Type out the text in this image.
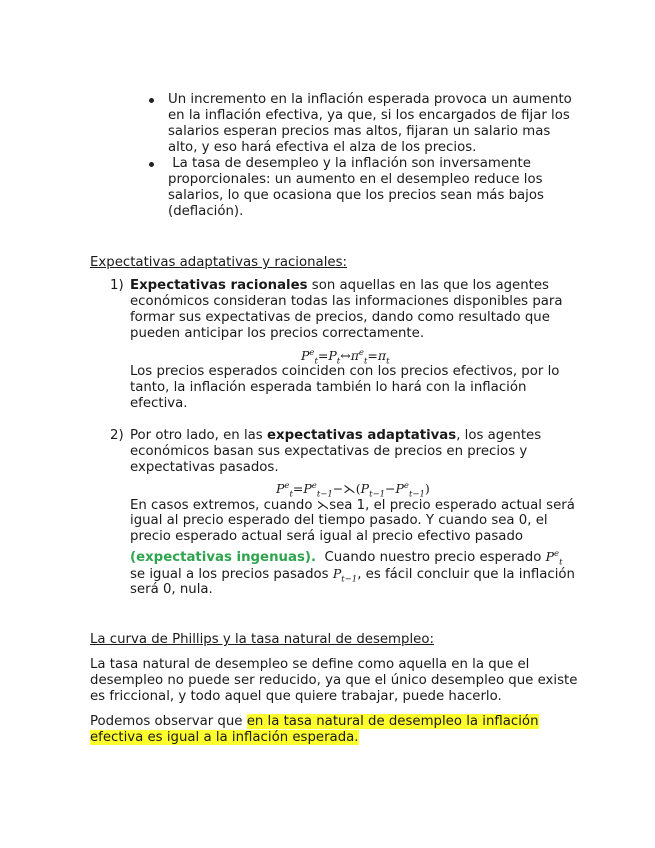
Un incremento en la inflación esperada provoca un aumento
en la inflación efectiva, ya que, si los encargados de fijar los
salarios esperan precios mas altos, fijaran un salario mas
alto, y eso hará efectiva el alza de los precios.
La tasa de desempleo y la inflación son inversamente
proporcionales: un aumento en el desempleo reduce los
salarios, lo que ocasiona que los precios sean más bajos
(deflación).
Expectativas adaptativas y racionales:
1) Expectativas racionales son aquellas en las que los agentes
económicos consideran todas las informaciones disponibles para
formar sus expectativas de precios, dando como resultado que
pueden anticipar los precios correctamente.
$P^e_t=P_t\leftrightarrow\pi^e_t=\pi_t$
Los precios esperados coinciden con los precios efectivos, por lo
tanto, la inflación esperada también lo hará con la inflación
efectiva.
2) Por otro lado, en las expectativas adaptativas, los agentes
económicos basan sus expectativas de precios en precios y
expectativas pasados.
$P^e_t=P^e_{t-1}-⋋(P_{t-1}-P^e_{t-1})$
En casos extremos, cuando ⋋sea 1, el precio esperado actual será
igual al precio esperado del tiempo pasado. Y cuando sea 0, el
precio esperado actual será igual al precio efectivo pasado
(expectativas ingenuas).  Cuando nuestro precio esperado $P^e_t$
se igual a los precios pasados $P_{t-1}$, es fácil concluir que la inflación
será 0, nula.
La curva de Phillips y la tasa natural de desempleo:
La tasa natural de desempleo se define como aquella en la que el
desempleo no puede ser reducido, ya que el único desempleo que existe
es friccional, y todo aquel que quiere trabajar, puede hacerlo.
Podemos observar que en la tasa natural de desempleo la inflación
efectiva es igual a la inflación esperada.
